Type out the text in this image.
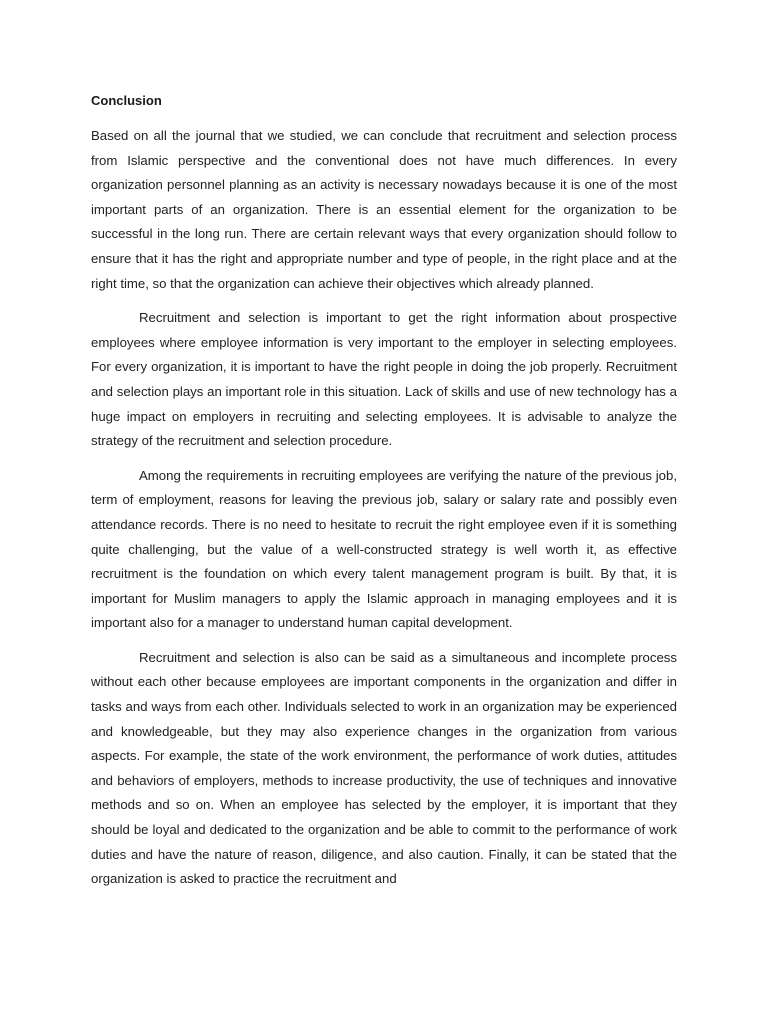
Conclusion

Based on all the journal that we studied, we can conclude that recruitment and selection process from Islamic perspective and the conventional does not have much differences. In every organization personnel planning as an activity is necessary nowadays because it is one of the most important parts of an organization. There is an essential element for the organization to be successful in the long run. There are certain relevant ways that every organization should follow to ensure that it has the right and appropriate number and type of people, in the right place and at the right time, so that the organization can achieve their objectives which already planned.

Recruitment and selection is important to get the right information about prospective employees where employee information is very important to the employer in selecting employees. For every organization, it is important to have the right people in doing the job properly. Recruitment and selection plays an important role in this situation. Lack of skills and use of new technology has a huge impact on employers in recruiting and selecting employees. It is advisable to analyze the strategy of the recruitment and selection procedure.

Among the requirements in recruiting employees are verifying the nature of the previous job, term of employment, reasons for leaving the previous job, salary or salary rate and possibly even attendance records. There is no need to hesitate to recruit the right employee even if it is something quite challenging, but the value of a well-constructed strategy is well worth it, as effective recruitment is the foundation on which every talent management program is built. By that, it is important for Muslim managers to apply the Islamic approach in managing employees and it is important also for a manager to understand human capital development.

Recruitment and selection is also can be said as a simultaneous and incomplete process without each other because employees are important components in the organization and differ in tasks and ways from each other. Individuals selected to work in an organization may be experienced and knowledgeable, but they may also experience changes in the organization from various aspects. For example, the state of the work environment, the performance of work duties, attitudes and behaviors of employers, methods to increase productivity, the use of techniques and innovative methods and so on. When an employee has selected by the employer, it is important that they should be loyal and dedicated to the organization and be able to commit to the performance of work duties and have the nature of reason, diligence, and also caution. Finally, it can be stated that the organization is asked to practice the recruitment and
